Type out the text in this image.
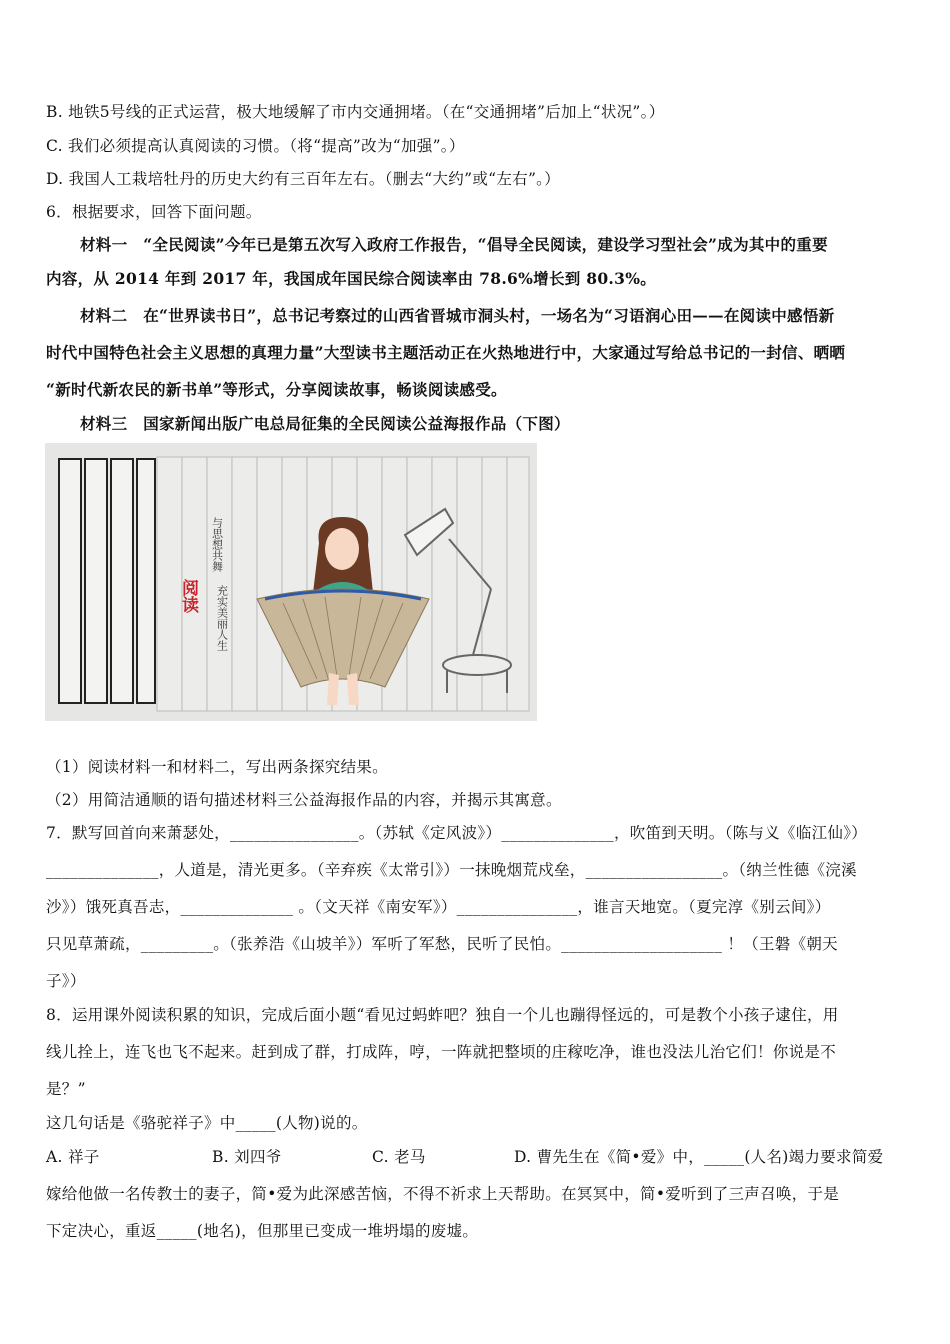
B. 地铁5号线的正式运营，极大地缓解了市内交通拥堵。（在“交通拥堵”后加上“状况”。）
C. 我们必须提高认真阅读的习惯。（将“提高”改为“加强”。）
D. 我国人工栽培牡丹的历史大约有三百年左右。（删去“大约”或“左右”。）
6．根据要求，回答下面问题。
材料一　“全民阅读”今年已是第五次写入政府工作报告，“倡导全民阅读，建设学习型社会”成为其中的重要
内容，从 2014 年到 2017 年，我国成年国民综合阅读率由 78.6%增长到 80.3%。
材料二　在“世界读书日”，总书记考察过的山西省晋城市洞头村，一场名为“习语润心田——在阅读中感悟新
时代中国特色社会主义思想的真理力量”大型读书主题活动正在火热地进行中，大家通过写给总书记的一封信、晒晒
“新时代新农民的新书单”等形式，分享阅读故事，畅谈阅读感受。
材料三　国家新闻出版广电总局征集的全民阅读公益海报作品（下图）
阅读
与思想共舞
充实美丽人生
（1）阅读材料一和材料二，写出两条探究结果。
（2）用简洁通顺的语句描述材料三公益海报作品的内容，并揭示其寓意。
7．默写回首向来萧瑟处，________________。（苏轼《定风波》）______________，吹笛到天明。（陈与义《临江仙》）
______________，人道是，清光更多。（辛弃疾《太常引》）一抹晚烟荒戍垒，_________________。（纳兰性德《浣溪
沙》）饿死真吾志，______________ 。（文天祥《南安军》）_______________，谁言天地宽。（夏完淳《别云间》）
只见草萧疏，_________。（张养浩《山坡羊》）军听了军愁，民听了民怕。____________________ ！（王磐《朝天
子》）
8．运用课外阅读积累的知识，完成后面小题“看见过蚂蚱吧？独自一个儿也蹦得怪远的，可是教个小孩子逮住，用
线儿拴上，连飞也飞不起来。赶到成了群，打成阵，哼，一阵就把整顷的庄稼吃净，谁也没法儿治它们！你说是不
是？”
这几句话是《骆驼祥子》中_____(人物)说的。
A. 祥子	B. 刘四爷	C. 老马	D. 曹先生在《简•爱》中，_____(人名)竭力要求简爱
嫁给他做一名传教士的妻子，简•爱为此深感苦恼，不得不祈求上天帮助。在冥冥中，简•爱听到了三声召唤，于是
下定决心，重返_____(地名)，但那里已变成一堆坍塌的废墟。
